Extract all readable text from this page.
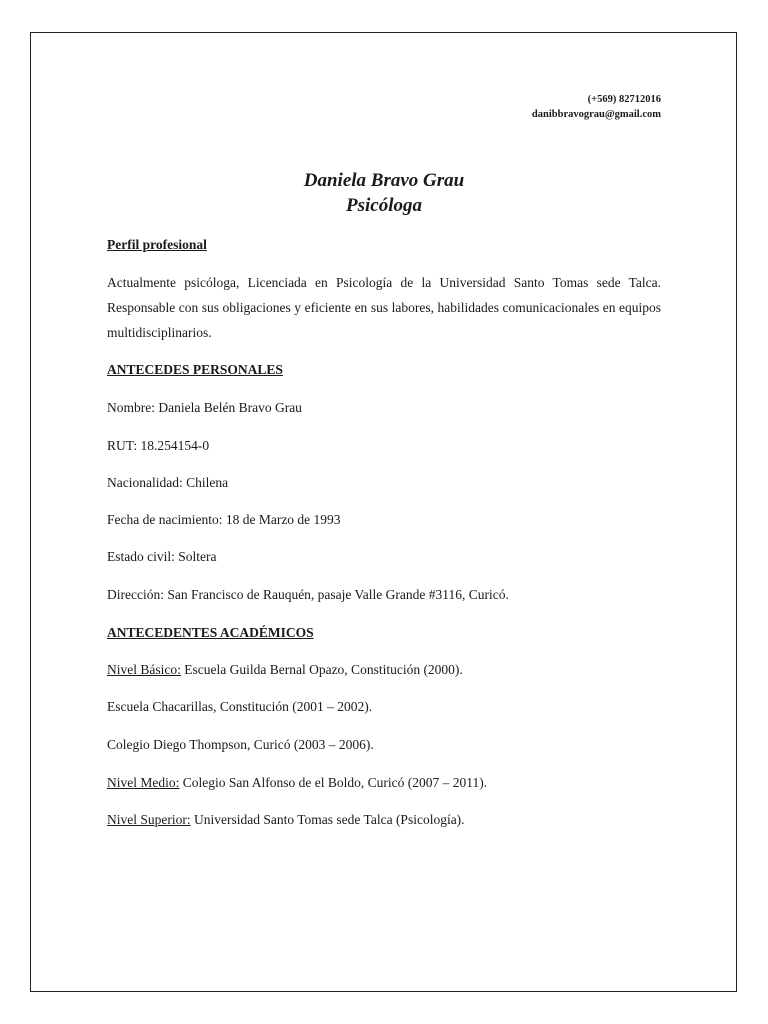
(+569) 82712016
danibbravograu@gmail.com
Daniela Bravo Grau
Psicóloga
Perfil profesional
Actualmente psicóloga, Licenciada en Psicología de la Universidad Santo Tomas sede Talca. Responsable con sus obligaciones y eficiente en sus labores, habilidades comunicacionales en equipos multidisciplinarios.
ANTECEDES PERSONALES
Nombre: Daniela Belén Bravo Grau
RUT: 18.254154-0
Nacionalidad: Chilena
Fecha de nacimiento: 18 de Marzo de 1993
Estado civil: Soltera
Dirección: San Francisco de Rauquén, pasaje Valle Grande #3116, Curicó.
ANTECEDENTES ACADÉMICOS
Nivel Básico: Escuela Guilda Bernal Opazo, Constitución (2000).
Escuela Chacarillas, Constitución (2001 – 2002).
Colegio Diego Thompson, Curicó (2003 – 2006).
Nivel Medio: Colegio San Alfonso de el Boldo, Curicó (2007 – 2011).
Nivel Superior: Universidad Santo Tomas sede Talca (Psicología).
